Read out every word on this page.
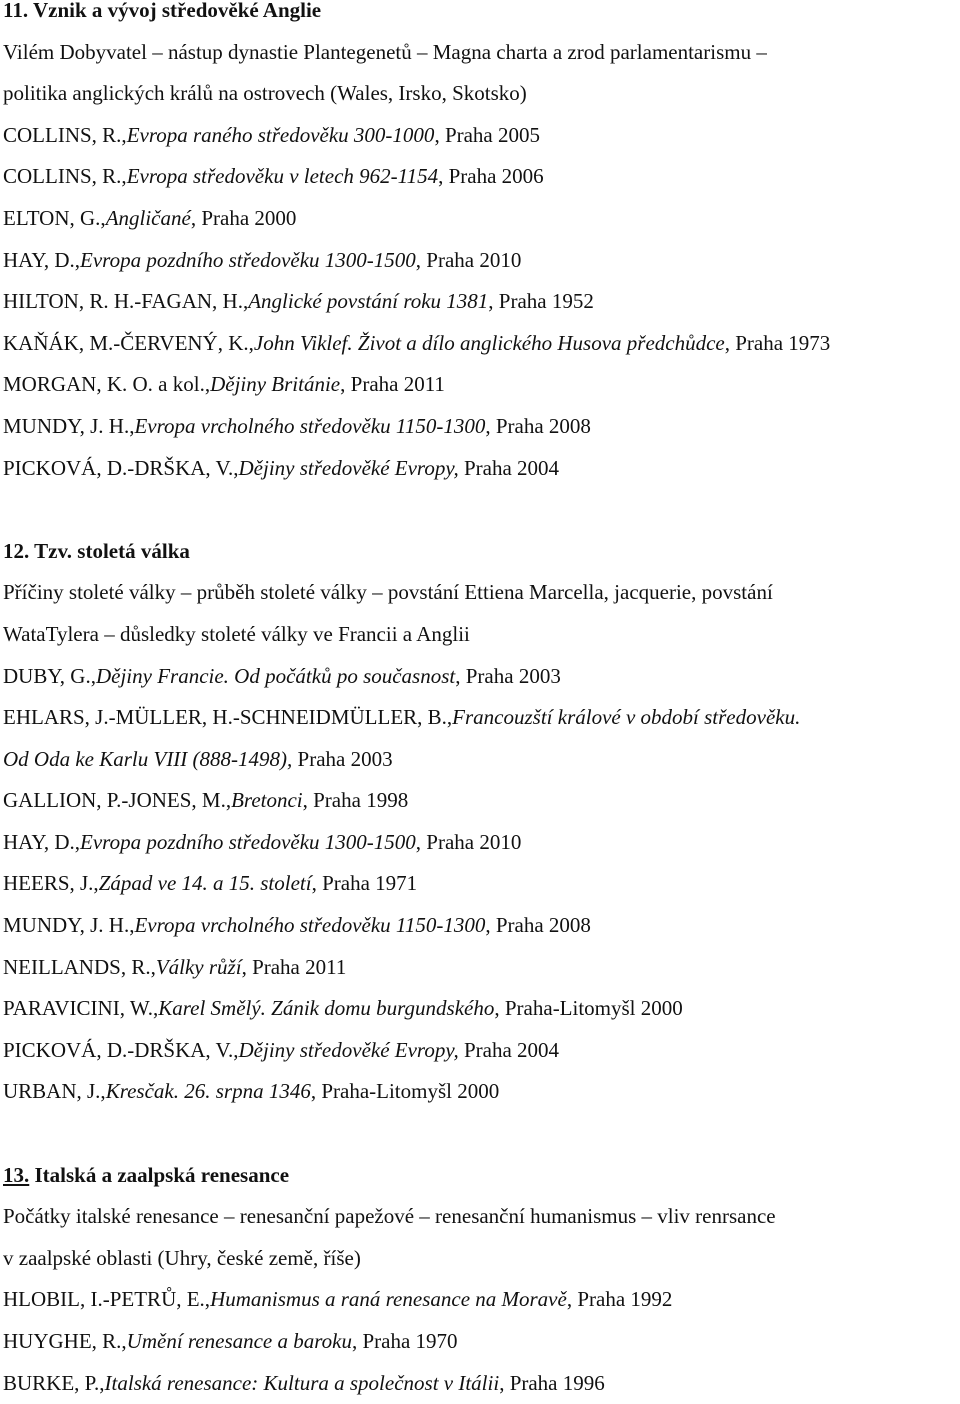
11. Vznik a vývoj středověké Anglie
Vilém Dobyvatel – nástup dynastie Plantegenetů – Magna charta a zrod parlamentarismu –
politika anglických králů na ostrovech (Wales, Irsko, Skotsko)
COLLINS, R.,Evropa raného středověku 300-1000, Praha 2005
COLLINS, R.,Evropa středověku v letech 962-1154, Praha 2006
ELTON, G.,Angličané, Praha 2000
HAY, D.,Evropa pozdního středověku 1300-1500, Praha 2010
HILTON, R. H.-FAGAN, H.,Anglické povstání roku 1381, Praha 1952
KAŇÁK, M.-ČERVENÝ, K.,John Viklef. Život a dílo anglického Husova předchůdce, Praha 1973
MORGAN, K. O. a kol.,Dějiny Británie, Praha 2011
MUNDY, J. H.,Evropa vrcholného středověku 1150-1300, Praha 2008
PICKOVÁ, D.-DRŠKA, V.,Dějiny středověké Evropy, Praha 2004
12. Tzv. stoletá válka
Příčiny stoleté války – průběh stoleté války – povstání Ettiena Marcella, jacquerie, povstání
WataTylera – důsledky stoleté války ve Francii a Anglii
DUBY, G.,Dějiny Francie. Od počátků po současnost, Praha 2003
EHLARS, J.-MÜLLER, H.-SCHNEIDMÜLLER, B.,Francouzští králové v období středověku.
Od Oda ke Karlu VIII (888-1498), Praha 2003
GALLION, P.-JONES, M.,Bretonci, Praha 1998
HAY, D.,Evropa pozdního středověku 1300-1500, Praha 2010
HEERS, J.,Západ ve 14. a 15. století, Praha 1971
MUNDY, J. H.,Evropa vrcholného středověku 1150-1300, Praha 2008
NEILLANDS, R.,Války růží, Praha 2011
PARAVICINI, W.,Karel Smělý. Zánik domu burgundského, Praha-Litomyšl 2000
PICKOVÁ, D.-DRŠKA, V.,Dějiny středověké Evropy, Praha 2004
URBAN, J.,Kresčak. 26. srpna 1346, Praha-Litomyšl 2000
13. Italská a zaalpská renesance
Počátky italské renesance – renesanční papežové – renesanční humanismus – vliv renrsance
v zaalpské oblasti (Uhry, české země, říše)
HLOBIL, I.-PETRŮ, E.,Humanismus a raná renesance na Moravě, Praha 1992
HUYGHE, R.,Umění renesance a baroku, Praha 1970
BURKE, P.,Italská renesance: Kultura a společnost v Itálii, Praha 1996
